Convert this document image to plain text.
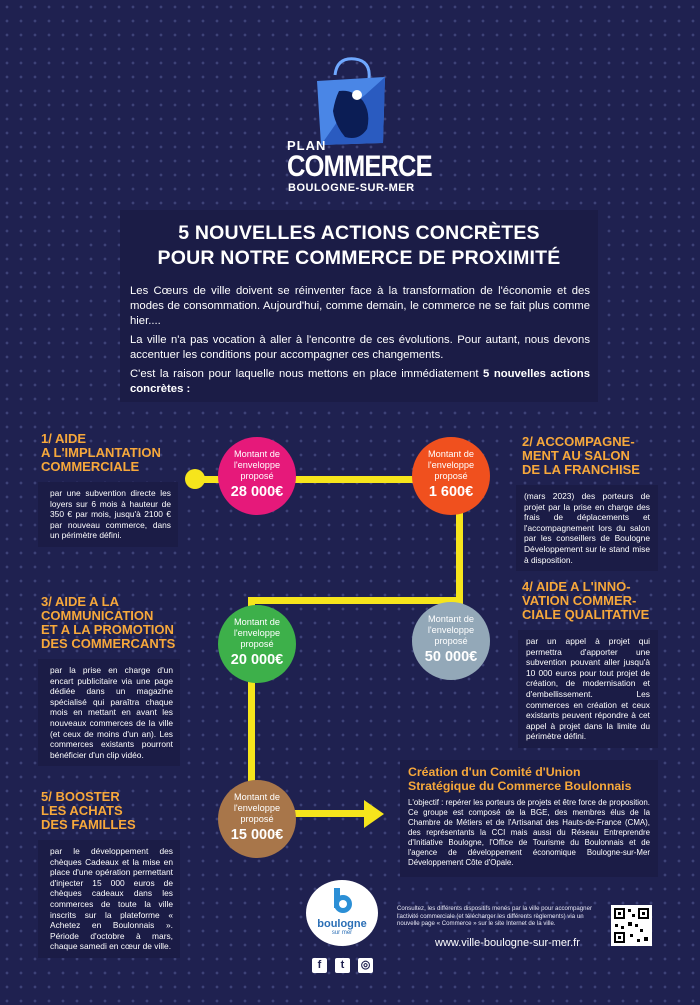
PLAN
COMMERCE
BOULOGNE-SUR-MER
5 NOUVELLES ACTIONS CONCRÈTES
POUR NOTRE COMMERCE DE PROXIMITÉ

Les Cœurs de ville doivent se réinventer face à la transformation de l'économie et des modes de consommation. Aujourd'hui, comme demain, le commerce ne se fait plus comme hier....

La ville n'a pas vocation à aller à l'encontre de ces évolutions. Pour autant, nous devons accentuer les conditions pour accompagner ces changements.

C'est la raison pour laquelle nous mettons en place immédiatement 5 nouvelles actions concrètes :

1/ AIDE
A L'IMPLANTATION
COMMERCIALE
par une subvention directe les loyers sur 6 mois à hauteur de 350 € par mois, jusqu'à 2100 € par nouveau commerce, dans un périmètre défini.
2/ ACCOMPAGNE-
MENT AU SALON
DE LA FRANCHISE
(mars 2023) des porteurs de projet par la prise en charge des frais de déplacements et l'accompagnement lors du salon par les conseillers de Boulogne Développement sur le stand mise à disposition.
3/ AIDE A LA
COMMUNICATION
ET A LA PROMOTION
DES COMMERCANTS
par la prise en charge d'un encart publicitaire via une page dédiée dans un magazine spécialisé qui paraîtra chaque mois en mettant en avant les nouveaux commerces de la ville (et ceux de moins d'un an). Les commerces existants pourront bénéficier d'un clip vidéo.
4/ AIDE A L'INNO-
VATION COMMER-
CIALE QUALITATIVE
par un appel à projet qui permettra d'apporter une subvention pouvant aller jusqu'à 10 000 euros pour tout projet de création, de modernisation et d'embellissement. Les commerces en création et ceux existants peuvent répondre à cet appel à projet dans la limite du périmètre défini.
5/ BOOSTER
LES ACHATS
DES FAMILLES
par le développement des chèques Cadeaux et la mise en place d'une opération permettant d'injecter 15 000 euros de chèques cadeaux dans les commerces de toute la ville inscrits sur la plateforme « Achetez en Boulonnais ». Période d'octobre à mars, chaque samedi en cœur de ville.
Montant de l'enveloppe proposé
28 000€
Montant de l'enveloppe proposé
1 600€
Montant de l'enveloppe proposé
20 000€
Montant de l'enveloppe proposé
50 000€
Montant de l'enveloppe proposé
15 000€
Création d'un Comité d'Union
Stratégique du Commerce Boulonnais
L'objectif : repérer les porteurs de projets et être force de proposition. Ce groupe est composé de la BGE, des membres élus de la Chambre de Métiers et de l'Artisanat des Hauts-de-France (CMA), des représentants la CCI mais aussi du Réseau Entreprendre d'Initiative Boulogne, l'Office de Tourisme du Boulonnais et de l'agence de développement économique Boulogne-sur-Mer Développement Côte d'Opale.
boulogne
sur mer
Consultez, les différents dispositifs menés par la ville pour accompagner l'activité commerciale (et télécharger les différents règlements) via un nouvelle page « Commerce » sur le site Internet de la ville.
www.ville-boulogne-sur-mer.fr
f	t	◎
